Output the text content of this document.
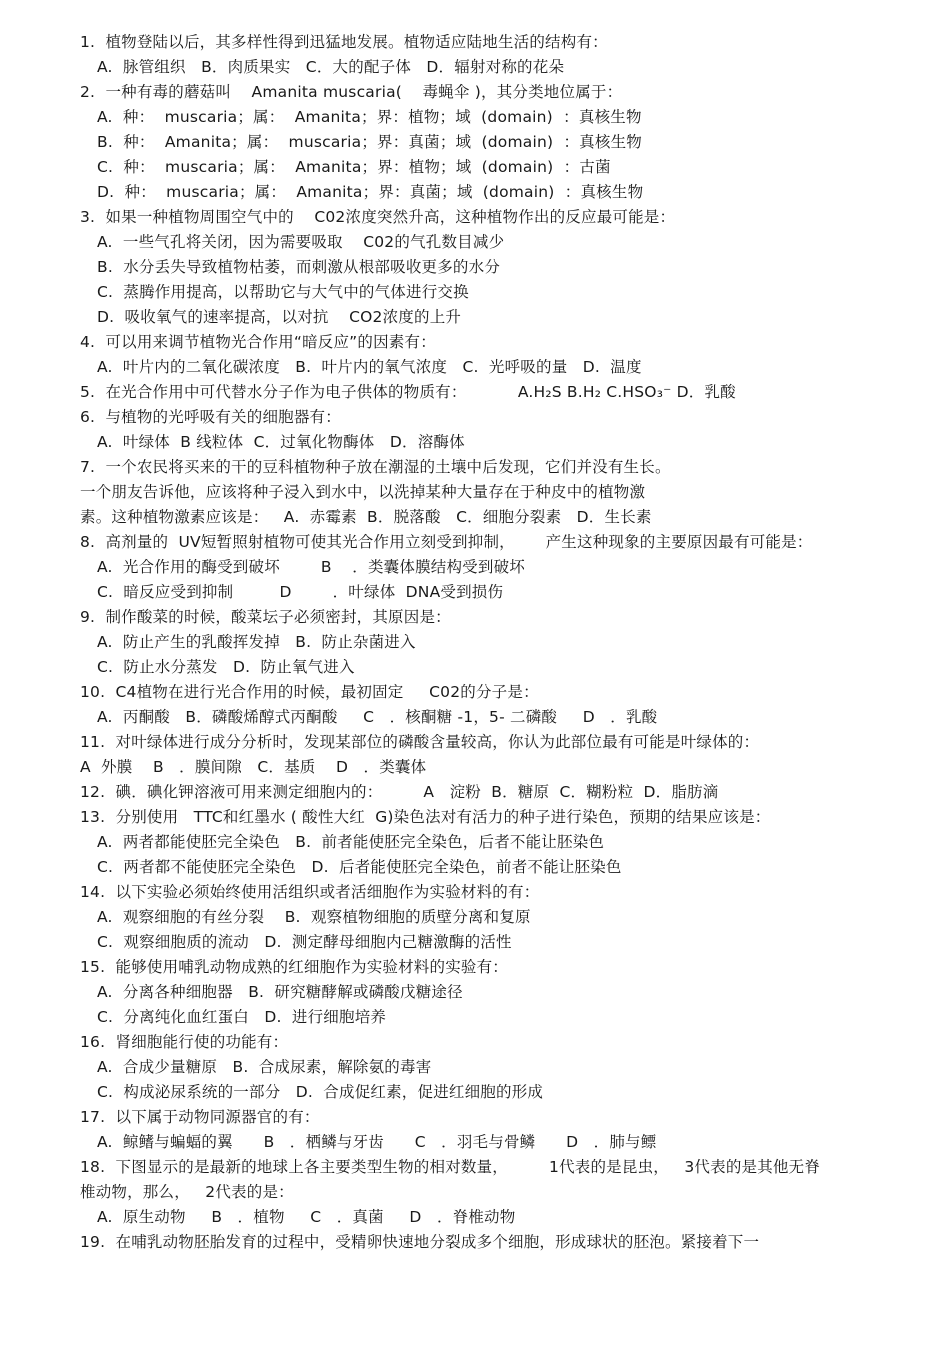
1.  植物登陆以后，其多样性得到迅猛地发展。植物适应陆地生活的结构有：
A.  脉管组织   B．肉质果实   C．大的配子体   D．辐射对称的花朵
2.  一种有毒的蘑菇叫    Amanita muscaria(    毒蝇伞 )，其分类地位属于：
A.  种：  muscaria；属：  Amanita；界：植物；域  (domain)  ：真核生物
B.  种：  Amanita；属：  muscaria；界：真菌；域  (domain)  ：真核生物
C.  种：  muscaria；属：  Amanita；界：植物；域  (domain)  ：古菌
D.  种：  muscaria；属：  Amanita；界：真菌；域  (domain)  ：真核生物
3.  如果一种植物周围空气中的    C02浓度突然升高，这种植物作出的反应最可能是：
A.  一些气孔将关闭，因为需要吸取    C02的气孔数目减少
B.  水分丢失导致植物枯萎，而刺激从根部吸收更多的水分
C.  蒸腾作用提高，以帮助它与大气中的气体进行交换
D.  吸收氧气的速率提高，以对抗    CO2浓度的上升
4.  可以用来调节植物光合作用“暗反应”的因素有：
A.  叶片内的二氧化碳浓度   B.  叶片内的氧气浓度   C.  光呼吸的量   D.  温度
5.  在光合作用中可代替水分子作为电子供体的物质有：          A.H₂S B.H₂ C.HSO₃⁻ D．乳酸
6.  与植物的光呼吸有关的细胞器有：
A.  叶绿体  B 线粒体  C．过氧化物酶体   D．溶酶体
7.  一个农民将买来的干的豆科植物种子放在潮湿的土壤中后发现，它们并没有生长。
一个朋友告诉他，应该将种子浸入到水中，以洗掉某种大量存在于种皮中的植物激
素。这种植物激素应该是：   A.  赤霉素  B．脱落酸   C．细胞分裂素   D．生长素
8.  高剂量的  UV短暂照射植物可使其光合作用立刻受到抑制，      产生这种现象的主要原因最有可能是：
A.  光合作用的酶受到破坏        B    ．类囊体膜结构受到破坏
C.  暗反应受到抑制         D        ．叶绿体  DNA受到损伤
9.  制作酸菜的时候，酸菜坛子必须密封，其原因是：
A.  防止产生的乳酸挥发掉   B.  防止杂菌进入
C.  防止水分蒸发   D.  防止氧气进入
10.  C4植物在进行光合作用的时候，最初固定     C02的分子是：
A.  丙酮酸   B．磷酸烯醇式丙酮酸     C   ．核酮糖 -1，5- 二磷酸     D   ．乳酸
11.  对叶绿体进行成分分析时，发现某部位的磷酸含量较高，你认为此部位最有可能是叶绿体的：
A  外膜    B   ．膜间隙   C．基质    D   ．类囊体
12.  碘．碘化钾溶液可用来测定细胞内的：        A   淀粉  B．糖原  C．糊粉粒  D．脂肪滴
13.  分别使用   TTC和红墨水 ( 酸性大红  G)染色法对有活力的种子进行染色，预期的结果应该是：
A.  两者都能使胚完全染色   B.  前者能使胚完全染色，后者不能让胚染色
C.  两者都不能使胚完全染色   D.  后者能使胚完全染色，前者不能让胚染色
14.  以下实验必须始终使用活组织或者活细胞作为实验材料的有：
A.  观察细胞的有丝分裂    B.  观察植物细胞的质壁分离和复原
C.  观察细胞质的流动   D.  测定酵母细胞内己糖激酶的活性
15.  能够使用哺乳动物成熟的红细胞作为实验材料的实验有：
A.  分离各种细胞器   B.  研究糖酵解或磷酸戊糖途径
C.  分离纯化血红蛋白   D.  进行细胞培养
16.  肾细胞能行使的功能有：
A.  合成少量糖原   B.  合成尿素，解除氨的毒害
C.  构成泌尿系统的一部分   D.  合成促红素，促进红细胞的形成
17.  以下属于动物同源器官的有：
A.  鲸鳍与蝙蝠的翼      B   ．栖鳞与牙齿      C   ．羽毛与骨鳞      D   ．肺与鳔
18.  下图显示的是最新的地球上各主要类型生物的相对数量，        1代表的是昆虫，   3代表的是其他无脊
椎动物，那么，   2代表的是：
A.  原生动物     B   ．植物     C   ．真菌     D   ．脊椎动物
19.  在哺乳动物胚胎发育的过程中，受精卵快速地分裂成多个细胞，形成球状的胚泡。紧接着下一
